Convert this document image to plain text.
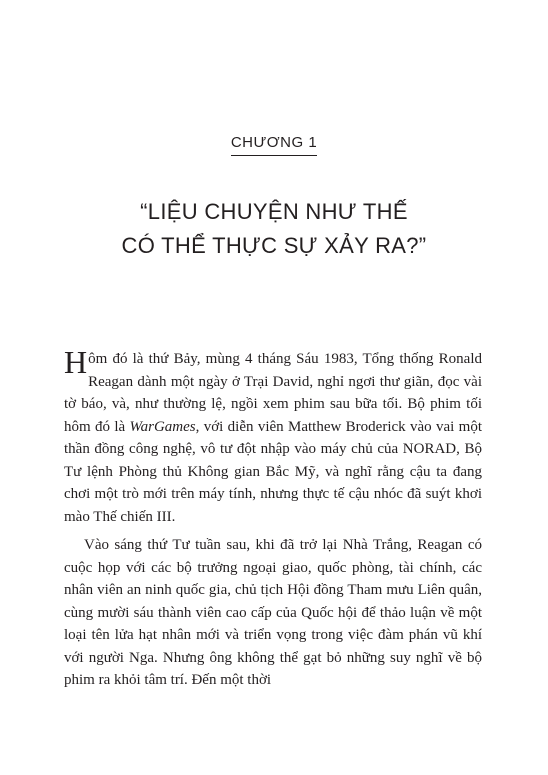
CHƯƠNG 1
“LIỆU CHUYỆN NHƯ THẾ
CÓ THỂ THỰC SỰ XẢY RA?”

Hôm đó là thứ Bảy, mùng 4 tháng Sáu 1983, Tổng thống Ronald Reagan dành một ngày ở Trại David, nghỉ ngơi thư giãn, đọc vài tờ báo, và, như thường lệ, ngồi xem phim sau bữa tối. Bộ phim tối hôm đó là WarGames, với diễn viên Matthew Broderick vào vai một thần đồng công nghệ, vô tư đột nhập vào máy chủ của NORAD, Bộ Tư lệnh Phòng thủ Không gian Bắc Mỹ, và nghĩ rằng cậu ta đang chơi một trò mới trên máy tính, nhưng thực tế cậu nhóc đã suýt khơi mào Thế chiến III.

Vào sáng thứ Tư tuần sau, khi đã trở lại Nhà Trắng, Reagan có cuộc họp với các bộ trưởng ngoại giao, quốc phòng, tài chính, các nhân viên an ninh quốc gia, chủ tịch Hội đồng Tham mưu Liên quân, cùng mười sáu thành viên cao cấp của Quốc hội để thảo luận về một loại tên lửa hạt nhân mới và triển vọng trong việc đàm phán vũ khí với người Nga. Nhưng ông không thể gạt bỏ những suy nghĩ về bộ phim ra khỏi tâm trí. Đến một thời
